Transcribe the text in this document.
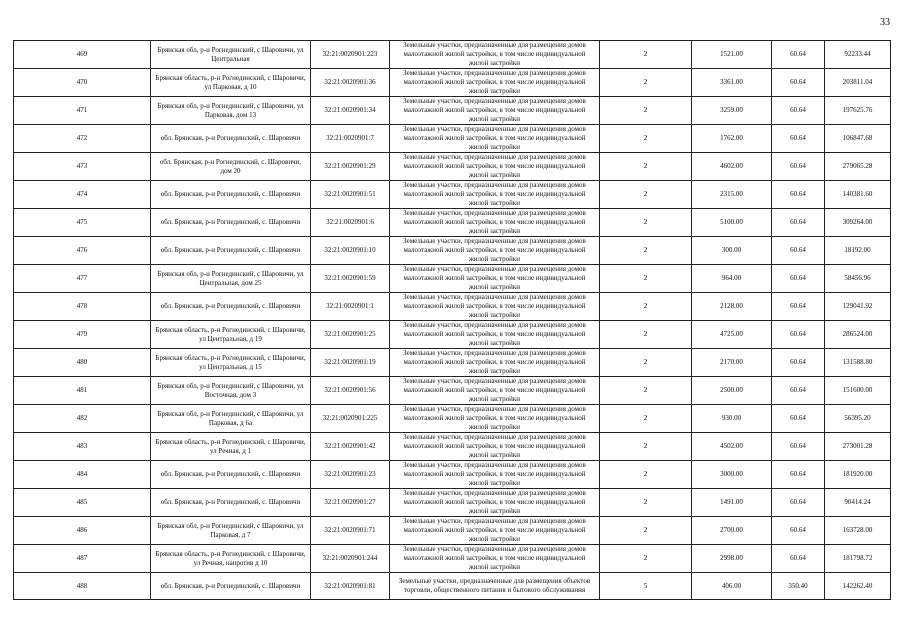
33
469	Брянская обл, р-н Рогнединский, с Шаровичи, ул Центральная	32:21:0020901:223	Земельные участки, предназначенные для размещения домов малоэтажной жилой застройки, в том числе индивидуальной жилой застройки	2	1521.00	60.64	92233.44
470	Брянская область, р-н Рогнединский, с Шаровичи, ул Парковая, д 10	32:21:0020901:36	Земельные участки, предназначенные для размещения домов малоэтажной жилой застройки, в том числе индивидуальной жилой застройки	2	3361.00	60.64	203811.04
471	Брянская обл, р-н Рогнединский, с Шаровичи, ул Парковая, дом 13	32:21:0020901:34	Земельные участки, предназначенные для размещения домов малоэтажной жилой застройки, в том числе индивидуальной жилой застройки	2	3259.00	60.64	197625.76
472	обл. Брянская, р-н Рогнединский, с. Шаровичи	32:21:0020901:7	Земельные участки, предназначенные для размещения домов малоэтажной жилой застройки, в том числе индивидуальной жилой застройки	2	1762.00	60.64	106847.68
473	обл. Брянская, р-н Рогнединский, с. Шаровичи, дом 20	32:21:0020901:29	Земельные участки, предназначенные для размещения домов малоэтажной жилой застройки, в том числе индивидуальной жилой застройки	2	4602.00	60.64	279065.28
474	обл. Брянская, р-н Рогнединский, с. Шаровичи	32:21:0020901:51	Земельные участки, предназначенные для размещения домов малоэтажной жилой застройки, в том числе индивидуальной жилой застройки	2	2315.00	60.64	140381.60
475	обл. Брянская, р-н Рогнединский, с. Шаровичи	32:21:0020901:6	Земельные участки, предназначенные для размещения домов малоэтажной жилой застройки, в том числе индивидуальной жилой застройки	2	5100.00	60.64	309264.00
476	обл. Брянская, р-н Рогнединский, с. Шаровичи	32:21:0020901:10	Земельные участки, предназначенные для размещения домов малоэтажной жилой застройки, в том числе индивидуальной жилой застройки	2	300.00	60.64	18192.00
477	Брянская обл, р-н Рогнединский, с Шаровичи, ул Центральная, дом 25	32:21:0020901:59	Земельные участки, предназначенные для размещения домов малоэтажной жилой застройки, в том числе индивидуальной жилой застройки	2	964.00	60.64	58456.96
478	обл. Брянская, р-н Рогнединский, с. Шаровичи	32:21:0020901:1	Земельные участки, предназначенные для размещения домов малоэтажной жилой застройки, в том числе индивидуальной жилой застройки	2	2128.00	60.64	129041.92
479	Брянская область, р-н Рогнединский, с Шаровичи, ул Центральная, д 19	32:21:0020901:25	Земельные участки, предназначенные для размещения домов малоэтажной жилой застройки, в том числе индивидуальной жилой застройки	2	4725.00	60.64	286524.00
480	Брянская область, р-н Рогнединский, с Шаровичи, ул Центральная, д 15	32:21:0020901:19	Земельные участки, предназначенные для размещения домов малоэтажной жилой застройки, в том числе индивидуальной жилой застройки	2	2170.00	60.64	131588.80
481	Брянская обл, р-н Рогнединский, с Шаровичи, ул Восточная, дом 3	32:21:0020901:56	Земельные участки, предназначенные для размещения домов малоэтажной жилой застройки, в том числе индивидуальной жилой застройки	2	2500.00	60.64	151600.00
482	Брянская обл, р-н Рогнединский, с Шаровичи, ул Парковая, д 6а	32:21:0020901:225	Земельные участки, предназначенные для размещения домов малоэтажной жилой застройки, в том числе индивидуальной жилой застройки	2	930.00	60.64	56395.20
483	Брянская область, р-н Рогнединский, с Шаровичи, ул Речная, д 1	32:21:0020901:42	Земельные участки, предназначенные для размещения домов малоэтажной жилой застройки, в том числе индивидуальной жилой застройки	2	4502.00	60.64	273001.28
484	обл. Брянская, р-н Рогнединский, с. Шаровичи	32:21:0020901:23	Земельные участки, предназначенные для размещения домов малоэтажной жилой застройки, в том числе индивидуальной жилой застройки	2	3000.00	60.64	181920.00
485	обл. Брянская, р-н Рогнединский, с. Шаровичи	32:21:0020901:27	Земельные участки, предназначенные для размещения домов малоэтажной жилой застройки, в том числе индивидуальной жилой застройки	2	1491.00	60.64	90414.24
486	Брянская обл, р-н Рогнединский, с Шаровичи, ул Парковая, д 7	32:21:0020901:71	Земельные участки, предназначенные для размещения домов малоэтажной жилой застройки, в том числе индивидуальной жилой застройки	2	2700.00	60.64	163728.00
487	Брянская область, р-н Рогнединский, с Шаровичи, ул Речная, напротив д 10	32:21:0020901:244	Земельные участки, предназначенные для размещения домов малоэтажной жилой застройки, в том числе индивидуальной жилой застройки	2	2998.00	60.64	181798.72
488	обл. Брянская, р-н Рогнединский, с. Шаровичи	32:21:0020901:81	Земельные участки, предназначенные для размещения объектов торговли, общественного питания и бытового обслуживания	5	406.00	350.40	142262.40
